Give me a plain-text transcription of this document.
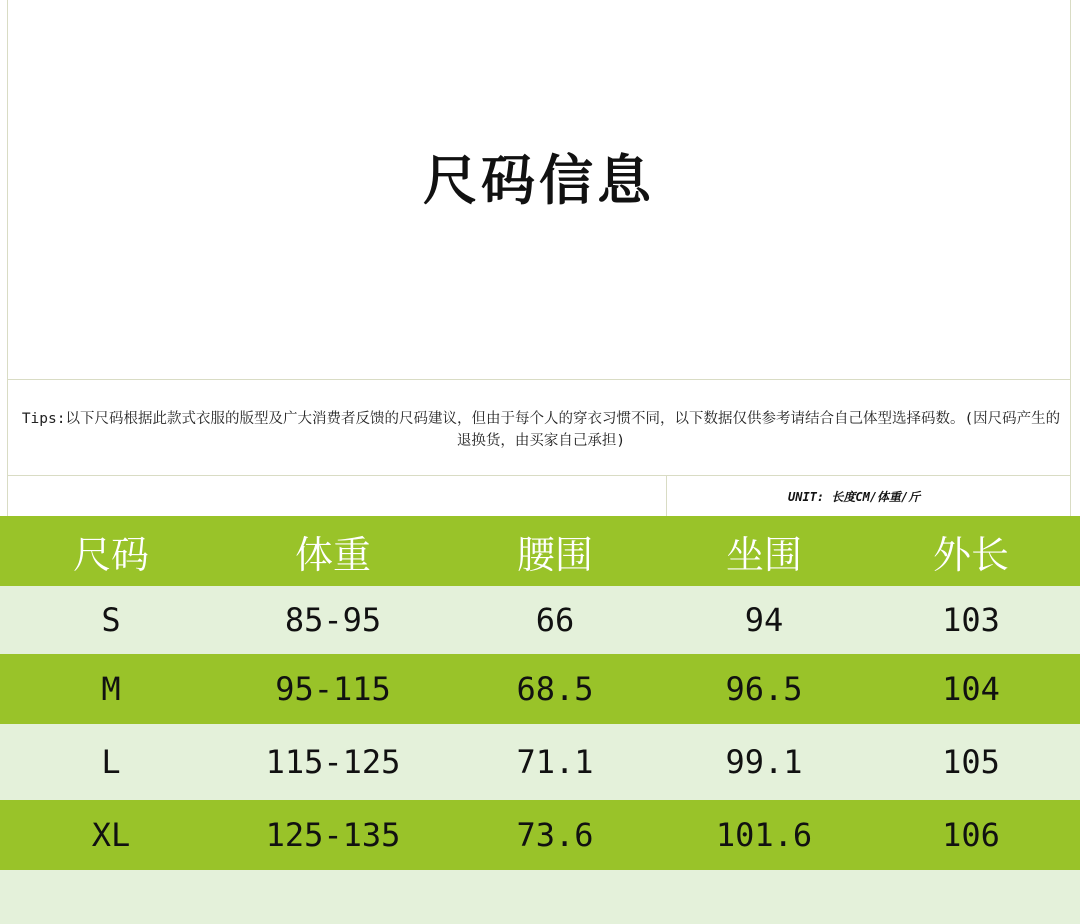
尺码信息
Tips:以下尺码根据此款式衣服的版型及广大消费者反馈的尺码建议，但由于每个人的穿衣习惯不同，以下数据仅供参考请结合自己体型选择码数。(因尺码产生的退换货，由买家自己承担)
UNIT: 长度CM/体重/斤
尺码	体重	腰围	坐围	外长
S	85-95	66	94	103
M	95-115	68.5	96.5	104
L	115-125	71.1	99.1	105
XL	125-135	73.6	101.6	106
